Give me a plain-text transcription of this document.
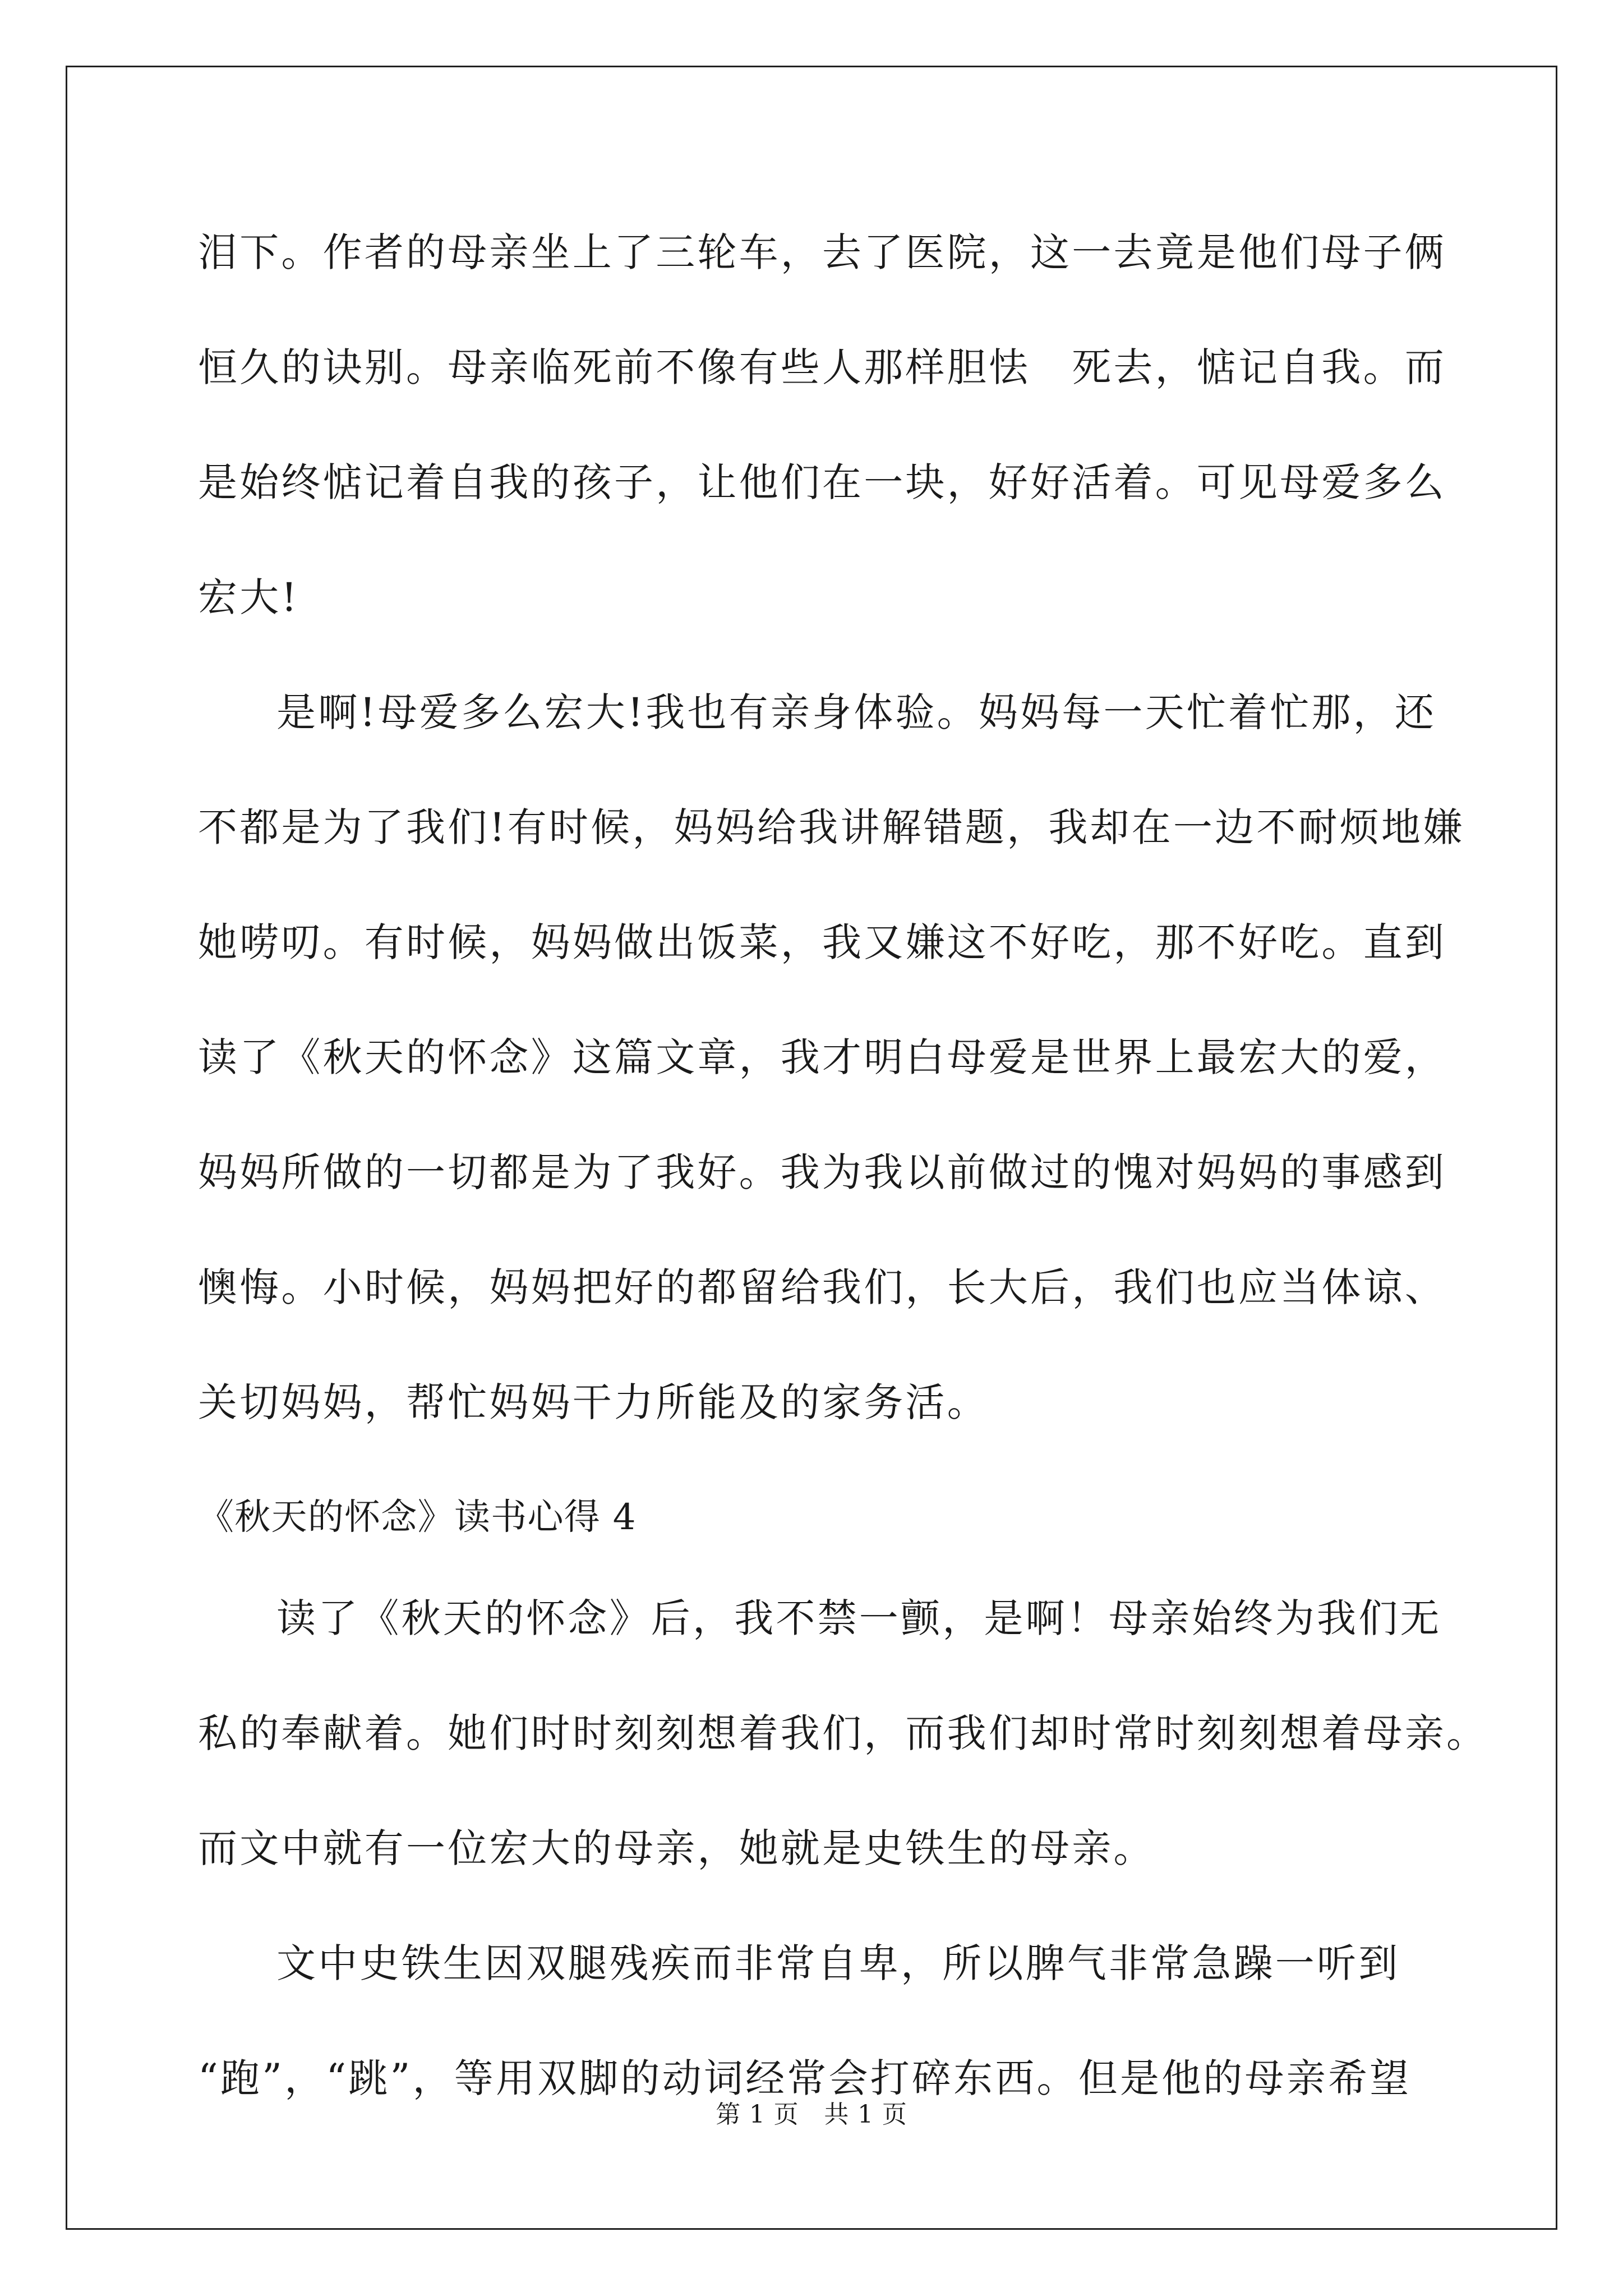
泪下。作者的母亲坐上了三轮车，去了医院，这一去竟是他们母子俩
恒久的诀别。母亲临死前不像有些人那样胆怯　死去，惦记自我。而
是始终惦记着自我的孩子，让他们在一块，好好活着。可见母爱多么
宏大!
是啊!母爱多么宏大!我也有亲身体验。妈妈每一天忙着忙那，还
不都是为了我们!有时候，妈妈给我讲解错题，我却在一边不耐烦地嫌
她唠叨。有时候，妈妈做出饭菜，我又嫌这不好吃，那不好吃。直到
读了《秋天的怀念》这篇文章，我才明白母爱是世界上最宏大的爱，
妈妈所做的一切都是为了我好。我为我以前做过的愧对妈妈的事感到
懊悔。小时候，妈妈把好的都留给我们，长大后，我们也应当体谅、
关切妈妈，帮忙妈妈干力所能及的家务活。
《秋天的怀念》读书心得 4
读了《秋天的怀念》后，我不禁一颤，是啊！母亲始终为我们无
私的奉献着。她们时时刻刻想着我们，而我们却时常时刻刻想着母亲。
而文中就有一位宏大的母亲，她就是史铁生的母亲。
文中史铁生因双腿残疾而非常自卑，所以脾气非常急躁一听到
“跑”，“跳”，等用双脚的动词经常会打碎东西。但是他的母亲希望
第 1 页　共 1 页
